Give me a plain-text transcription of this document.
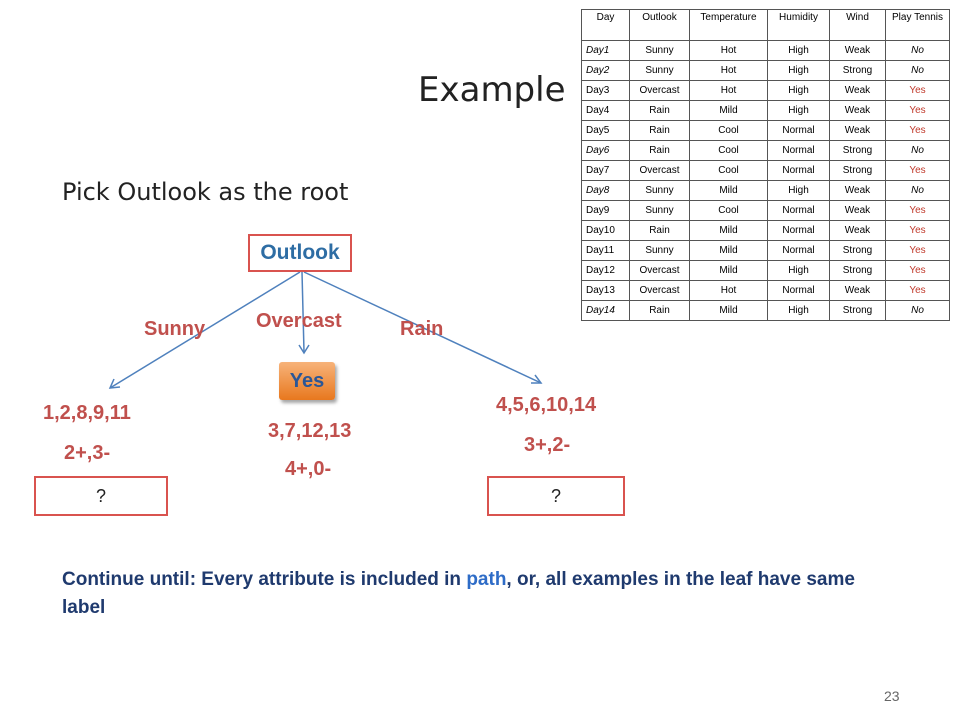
Example
Pick Outlook as the root
Outlook
Sunny	Overcast	Rain
Yes
1,2,8,9,11
2+,3-
3,7,12,13
4+,0-
4,5,6,10,14
3+,2-
?	?
Continue until: Every attribute is included in path, or, all examples in the leaf have same label
23
Day	Outlook	Temperature	Humidity	Wind	Play Tennis
Day1	Sunny	Hot	High	Weak	No
Day2	Sunny	Hot	High	Strong	No
Day3	Overcast	Hot	High	Weak	Yes
Day4	Rain	Mild	High	Weak	Yes
Day5	Rain	Cool	Normal	Weak	Yes
Day6	Rain	Cool	Normal	Strong	No
Day7	Overcast	Cool	Normal	Strong	Yes
Day8	Sunny	Mild	High	Weak	No
Day9	Sunny	Cool	Normal	Weak	Yes
Day10	Rain	Mild	Normal	Weak	Yes
Day11	Sunny	Mild	Normal	Strong	Yes
Day12	Overcast	Mild	High	Strong	Yes
Day13	Overcast	Hot	Normal	Weak	Yes
Day14	Rain	Mild	High	Strong	No
